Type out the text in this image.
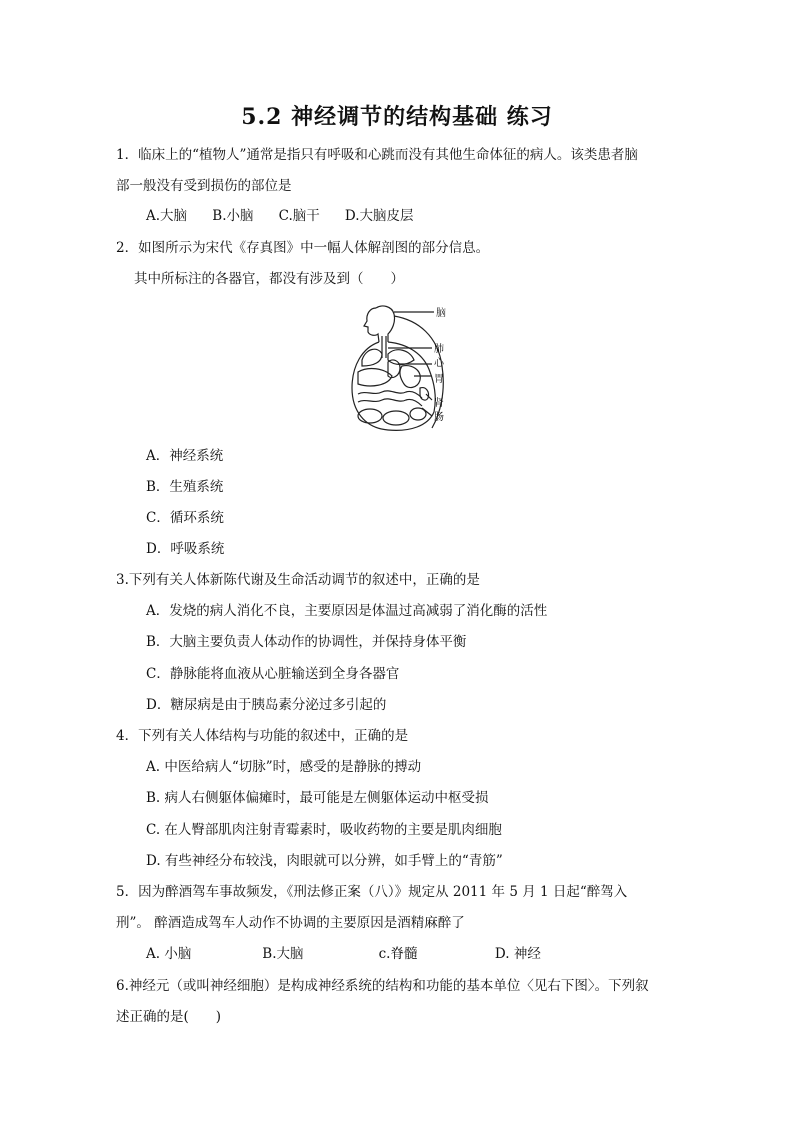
5.2 神经调节的结构基础 练习
1．临床上的“植物人”通常是指只有呼吸和心跳而没有其他生命体征的病人。该类患者脑
部一般没有受到损伤的部位是
A.大脑 B.小脑 C.脑干 D.大脑皮层
2．如图所示为宋代《存真图》中一幅人体解剖图的部分信息。
其中所标注的各器官，都没有涉及到（　　）
脑
肺
心
胃
肾
肠
A．神经系统
B．生殖系统
C．循环系统
D．呼吸系统
3.下列有关人体新陈代谢及生命活动调节的叙述中，正确的是
A．发烧的病人消化不良，主要原因是体温过高减弱了消化酶的活性
B．大脑主要负责人体动作的协调性，并保持身体平衡
C．静脉能将血液从心脏输送到全身各器官
D．糖尿病是由于胰岛素分泌过多引起的
4．下列有关人体结构与功能的叙述中，正确的是
A. 中医给病人“切脉”时，感受的是静脉的搏动
B. 病人右侧躯体偏瘫时，最可能是左侧躯体运动中枢受损
C. 在人臀部肌肉注射青霉素时，吸收药物的主要是肌肉细胞
D. 有些神经分布较浅，肉眼就可以分辨，如手臂上的“青筋”
5．因为醉酒驾车事故频发，《刑法修正案（八）》规定从 2011 年 5 月 1 日起“醉驾入
刑”。 醉酒造成驾车人动作不协调的主要原因是酒精麻醉了
A. 小脑	B.大脑	c.脊髓	D. 神经
6.神经元（或叫神经细胞）是构成神经系统的结构和功能的基本单位〈见右下图〉。下列叙
述正确的是(　　)
